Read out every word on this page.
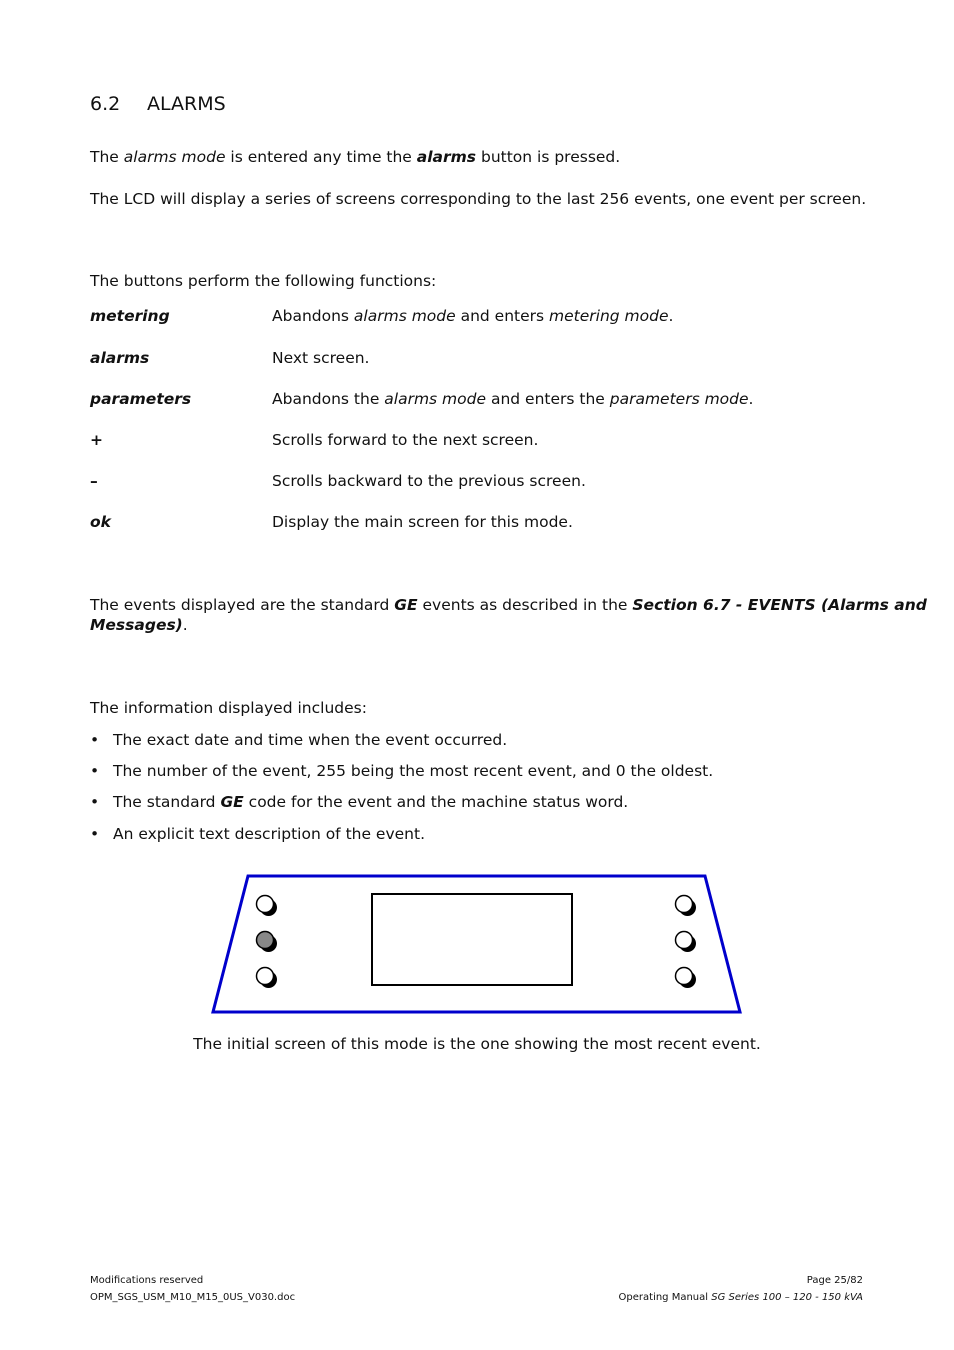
6.2 ALARMS
The alarms mode is entered any time the alarms button is pressed.
The LCD will display a series of screens corresponding to the last 256 events, one event per screen.
The buttons perform the following functions:
metering	Abandons alarms mode and enters metering mode.
alarms	Next screen.
parameters	Abandons the alarms mode and enters the parameters mode.
+	Scrolls forward to the next screen.
–	Scrolls backward to the previous screen.
ok	Display the main screen for this mode.
The events displayed are the standard GE events as described in the Section 6.7 - EVENTS (Alarms and
Messages).
The information displayed includes:
• The exact date and time when the event occurred.
• The number of the event, 255 being the most recent event, and 0 the oldest.
• The standard GE code for the event and the machine status word.
• An explicit text description of the event.
The initial screen of this mode is the one showing the most recent event.
Modifications reserved
OPM_SGS_USM_M10_M15_0US_V030.doc
Page 25/82
Operating Manual SG Series 100 – 120 - 150 kVA
